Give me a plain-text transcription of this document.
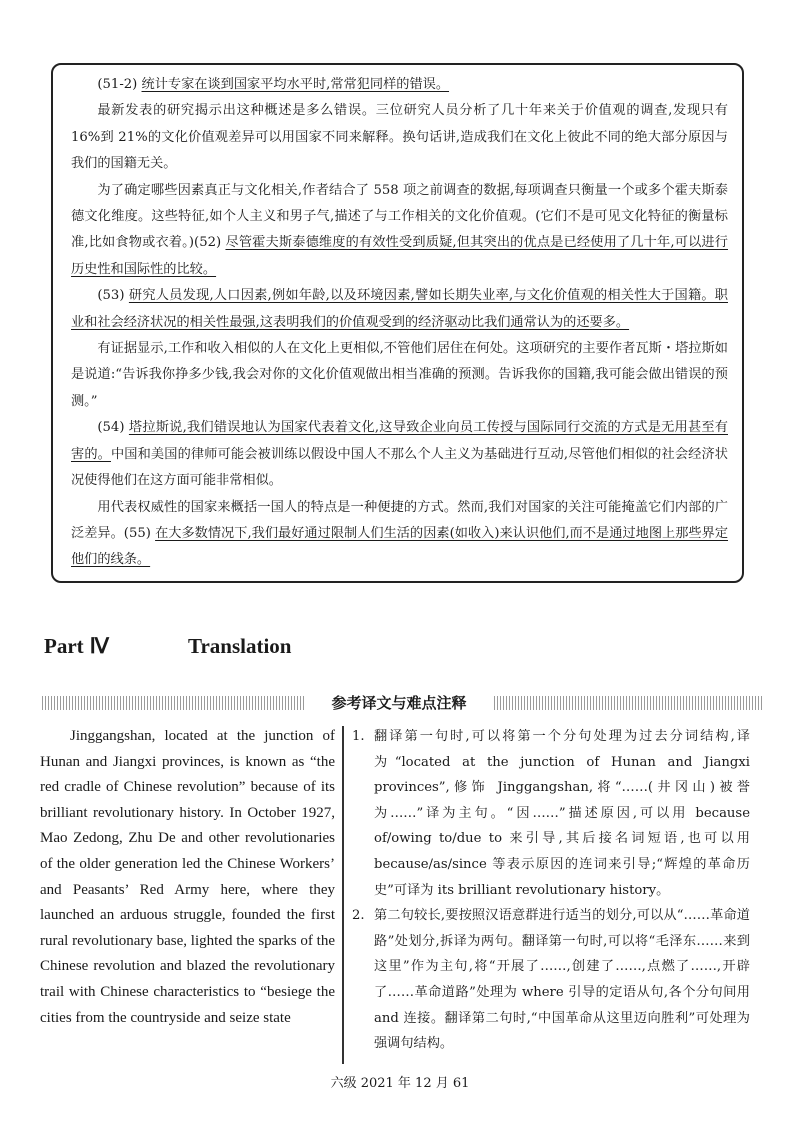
(51-2) 统计专家在谈到国家平均水平时,常常犯同样的错误。

最新发表的研究揭示出这种概述是多么错误。三位研究人员分析了几十年来关于价值观的调查,发现只有 16%到 21%的文化价值观差异可以用国家不同来解释。换句话讲,造成我们在文化上彼此不同的绝大部分原因与我们的国籍无关。

为了确定哪些因素真正与文化相关,作者结合了 558 项之前调查的数据,每项调查只衡量一个或多个霍夫斯泰德文化维度。这些特征,如个人主义和男子气,描述了与工作相关的文化价值观。(它们不是可见文化特征的衡量标准,比如食物或衣着。)(52) 尽管霍夫斯泰德维度的有效性受到质疑,但其突出的优点是已经使用了几十年,可以进行历史性和国际性的比较。

(53) 研究人员发现,人口因素,例如年龄,以及环境因素,譬如长期失业率,与文化价值观的相关性大于国籍。职业和社会经济状况的相关性最强,这表明我们的价值观受到的经济驱动比我们通常认为的还要多。

有证据显示,工作和收入相似的人在文化上更相似,不管他们居住在何处。这项研究的主要作者瓦斯・塔拉斯如是说道:“告诉我你挣多少钱,我会对你的文化价值观做出相当准确的预测。告诉我你的国籍,我可能会做出错误的预测。”

(54) 塔拉斯说,我们错误地认为国家代表着文化,这导致企业向员工传授与国际同行交流的方式是无用甚至有害的。中国和美国的律师可能会被训练以假设中国人不那么个人主义为基础进行互动,尽管他们相似的社会经济状况使得他们在这方面可能非常相似。

用代表权威性的国家来概括一国人的特点是一种便捷的方式。然而,我们对国家的关注可能掩盖它们内部的广泛差异。(55) 在大多数情况下,我们最好通过限制人们生活的因素(如收入)来认识他们,而不是通过地图上那些界定他们的线条。

Part Ⅳ	Translation
参考译文与难点注释

Jinggangshan, located at the junction of Hunan and Jiangxi provinces, is known as “the red cradle of Chinese revolution” because of its brilliant revolutionary history. In October 1927, Mao Zedong, Zhu De and other revolutionaries of the older generation led the Chinese Workers’ and Peasants’ Red Army here, where they launched an arduous struggle, founded the first rural revolutionary base, lighted the sparks of the Chinese revolution and blazed the revolutionary trail with Chinese characteristics to “besiege the cities from the countryside and seize state

1. 翻译第一句时,可以将第一个分句处理为过去分词结构,译为“located at the junction of Hunan and Jiangxi provinces”,修饰 Jinggangshan,将“……(井冈山)被誉为……”译为主句。“因……”描述原因,可以用 because of/owing to/due to 来引导,其后接名词短语,也可以用 because/as/since 等表示原因的连词来引导;“辉煌的革命历史”可译为 its brilliant revolutionary history。
2. 第二句较长,要按照汉语意群进行适当的划分,可以从“……革命道路”处划分,拆译为两句。翻译第一句时,可以将“毛泽东……来到这里”作为主句,将“开展了……,创建了……,点燃了……,开辟了……革命道路”处理为 where 引导的定语从句,各个分句间用 and 连接。翻译第二句时,“中国革命从这里迈向胜利”可处理为强调句结构。
六级 2021 年 12 月 61
